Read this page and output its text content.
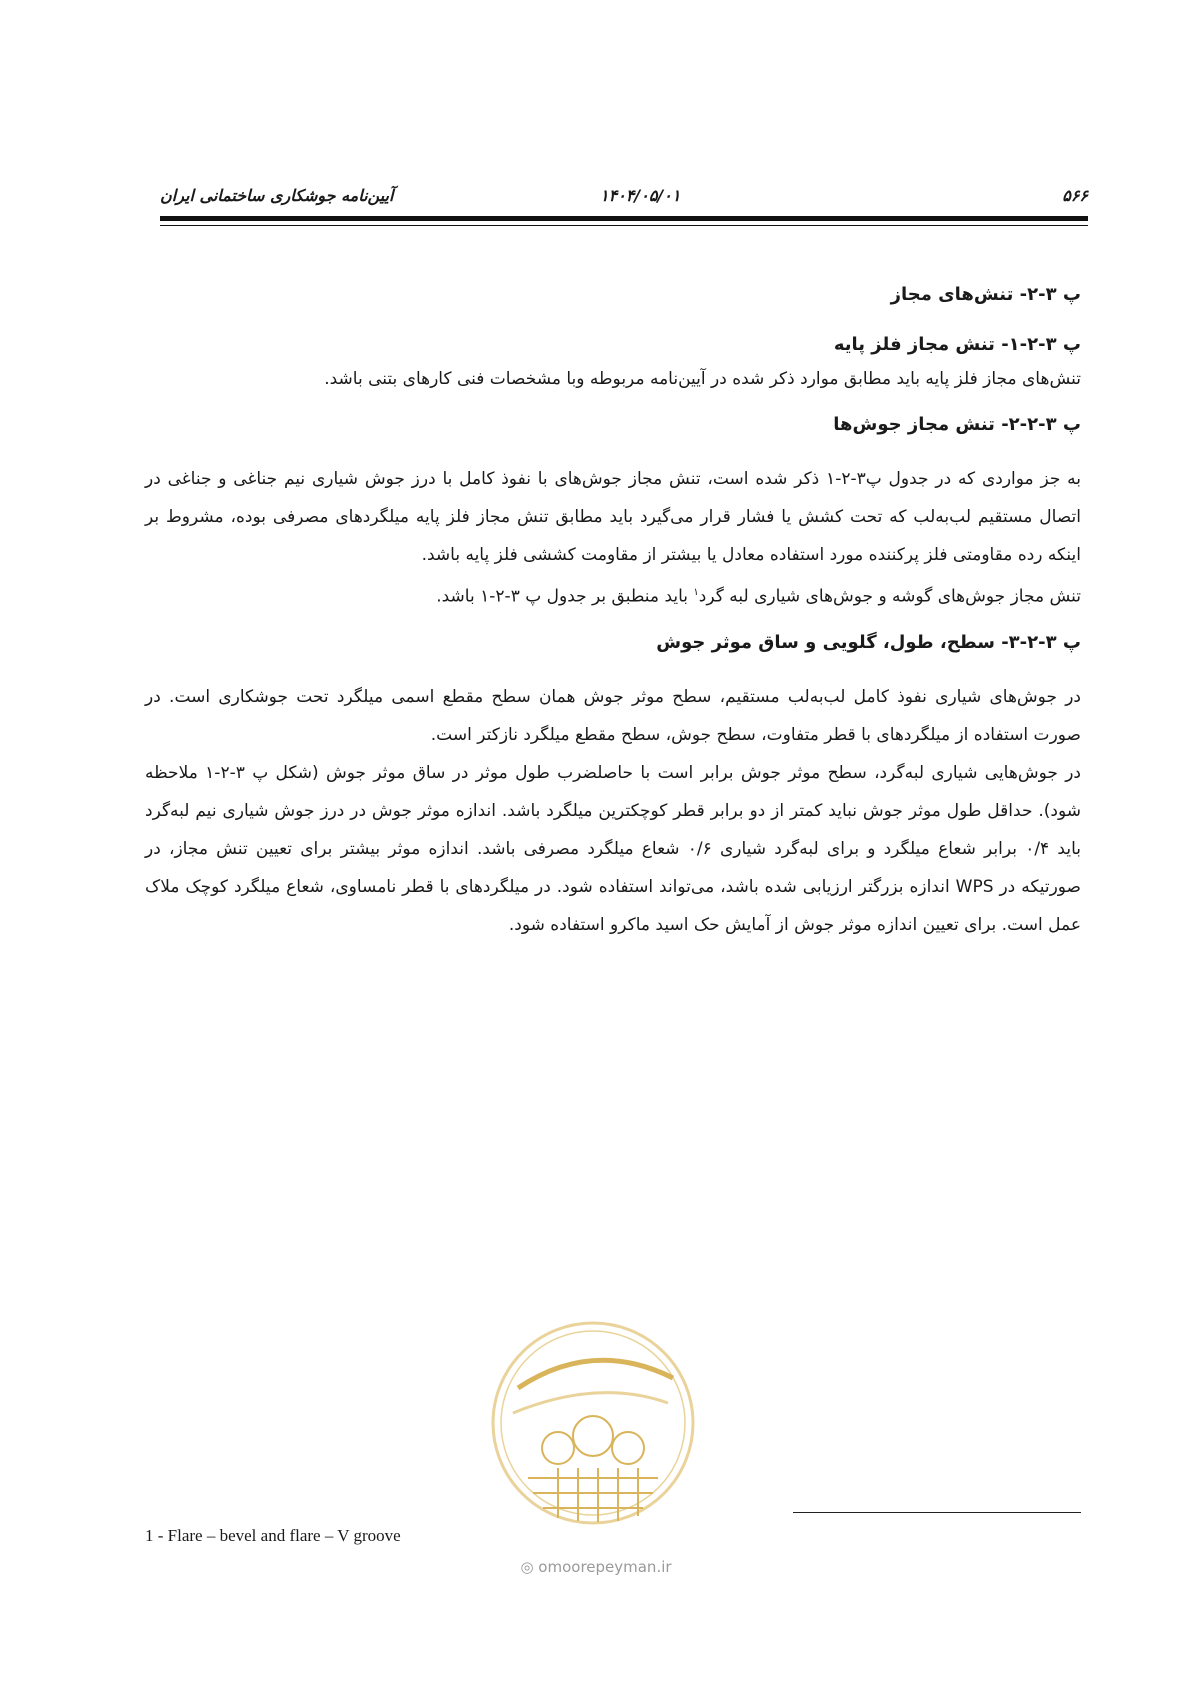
۵۶۶
۱۴۰۴/۰۵/۰۱
آیین‌نامه جوشکاری ساختمانی ایران
پ ۳-۲- تنش‌های مجاز
پ ۳-۲-۱- تنش مجاز فلز پایه

تنش‌های مجاز فلز پایه باید مطابق موارد ذکر شده در آیین‌نامه مربوطه وبا مشخصات فنی کارهای بتنی باشد.

پ ۳-۲-۲- تنش مجاز جوش‌ها

به جز مواردی که در جدول پ۳-۲-۱ ذکر شده است، تنش مجاز جوش‌های با نفوذ کامل با درز جوش شیاری نیم جناغی و جناغی در اتصال مستقیم لب‌به‌لب که تحت کشش یا فشار قرار می‌گیرد باید مطابق تنش مجاز فلز پایه میلگردهای مصرفی بوده، مشروط بر اینکه رده مقاومتی فلز پرکننده مورد استفاده معادل یا بیشتر از مقاومت کششی فلز پایه باشد.

تنش مجاز جوش‌های گوشه و جوش‌های شیاری لبه گرد$^۱$ باید منطبق بر جدول پ ۳-۲-۱ باشد.

پ ۳-۲-۳- سطح، طول، گلویی و ساق موثر جوش

در جوش‌های شیاری نفوذ کامل لب‌به‌لب مستقیم، سطح موثر جوش همان سطح مقطع اسمی میلگرد تحت جوشکاری است. در صورت استفاده از میلگردهای با قطر متفاوت، سطح جوش، سطح مقطع میلگرد نازکتر است.

در جوش‌هایی شیاری لبه‌گرد، سطح موثر جوش برابر است با حاصلضرب طول موثر در ساق موثر جوش (شکل پ ۳-۲-۱ ملاحظه شود). حداقل طول موثر جوش نباید کمتر از دو برابر قطر کوچکترین میلگرد باشد. اندازه موثر جوش در درز جوش شیاری نیم لبه‌گرد باید ۰/۴ برابر شعاع میلگرد و برای لبه‌گرد شیاری ۰/۶ شعاع میلگرد مصرفی باشد. اندازه موثر بیشتر برای تعیین تنش مجاز، در صورتیکه در WPS اندازه بزرگتر ارزیابی شده باشد، می‌تواند استفاده شود. در میلگردهای با قطر نامساوی، شعاع میلگرد کوچک ملاک عمل است. برای تعیین اندازه موثر جوش از آمایش حک اسید ماکرو استفاده شود.

◎ omoorepeyman.ir
1 - Flare – bevel and flare – V groove
